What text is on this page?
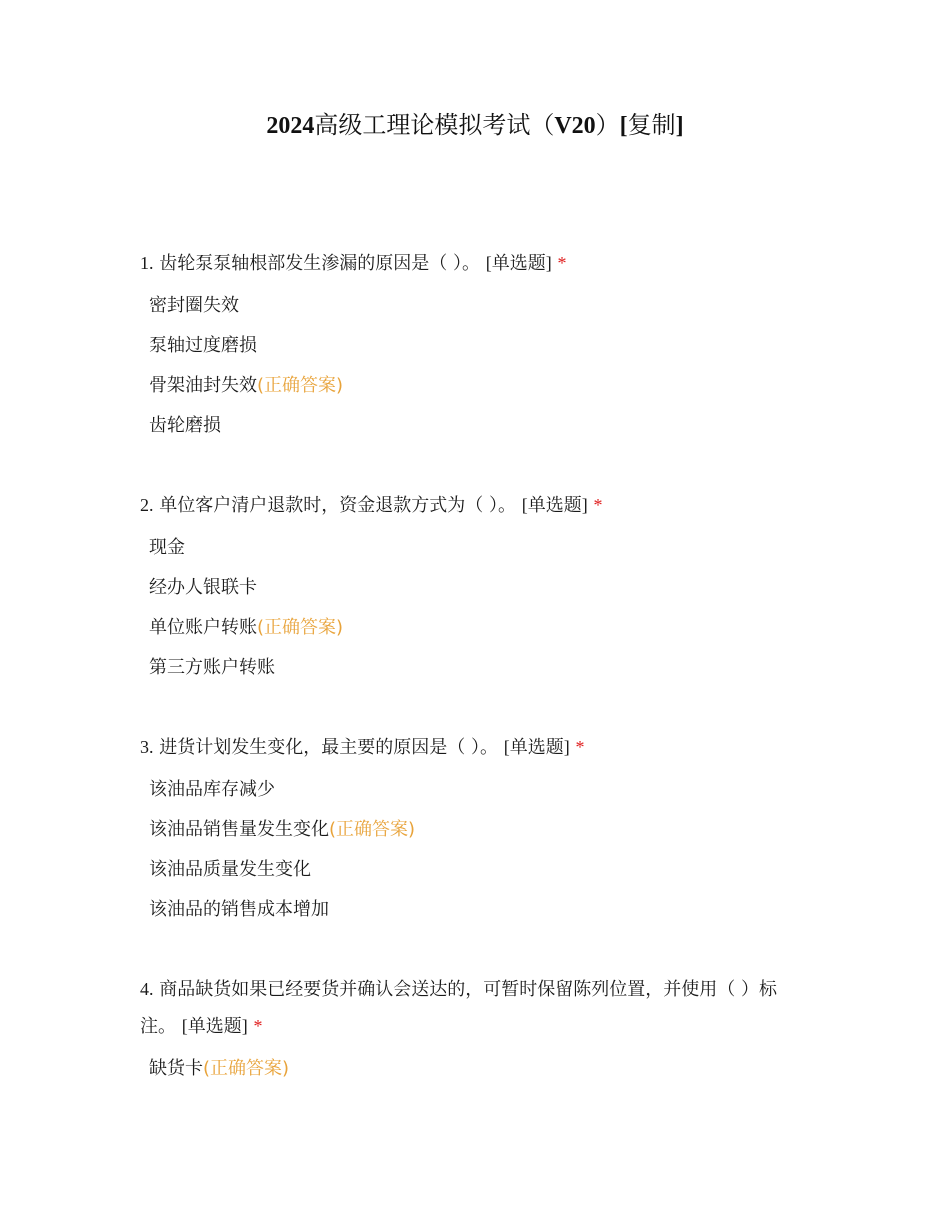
2024高级工理论模拟考试（V20）[复制]

1. 齿轮泵泵轴根部发生渗漏的原因是（ ）。 [单选题] *

密封圈失效
泵轴过度磨损
骨架油封失效(正确答案)
齿轮磨损

2. 单位客户清户退款时，资金退款方式为（ ）。 [单选题] *

现金
经办人银联卡
单位账户转账(正确答案)
第三方账户转账

3. 进货计划发生变化，最主要的原因是（ ）。 [单选题] *

该油品库存减少
该油品销售量发生变化(正确答案)
该油品质量发生变化
该油品的销售成本增加

4. 商品缺货如果已经要货并确认会送达的，可暂时保留陈列位置，并使用（ ）标注。 [单选题] *

缺货卡(正确答案)
